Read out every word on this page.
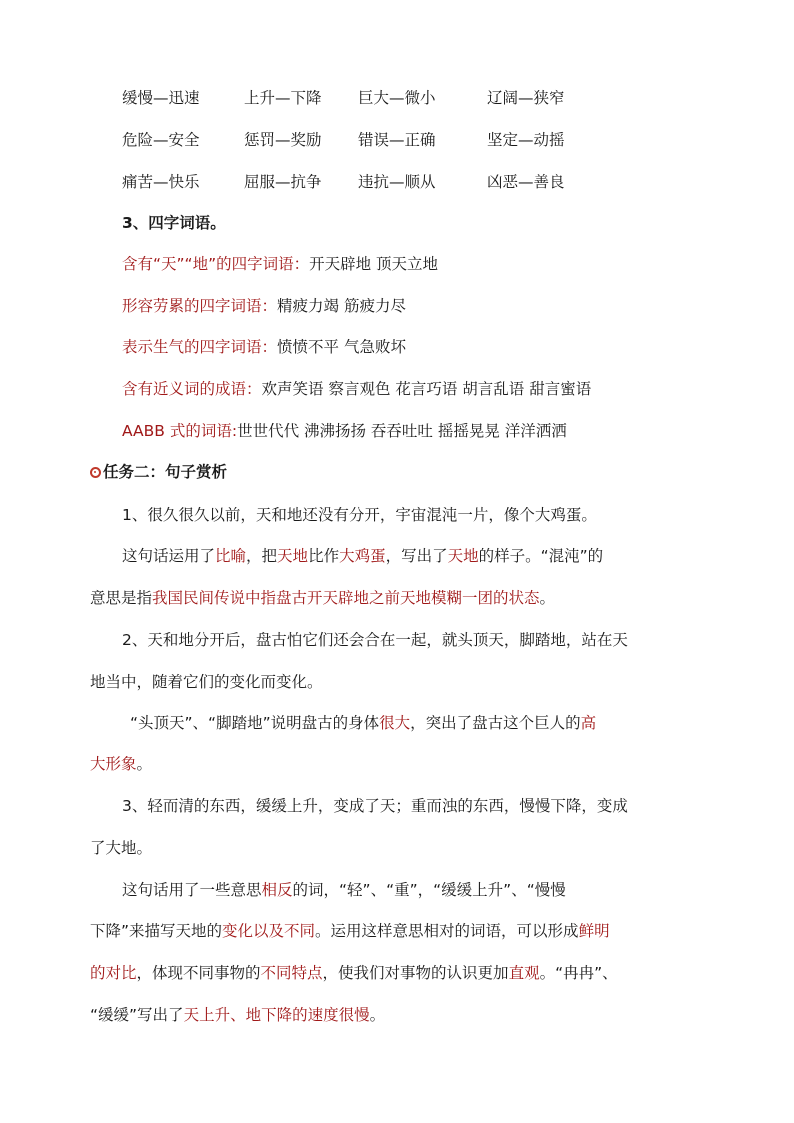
缓慢—迅速	上升—下降 巨大—微小	辽阔—狭窄
危险—安全	惩罚—奖励 错误—正确	坚定—动摇
痛苦—快乐	屈服—抗争 违抗—顺从	凶恶—善良
3、四字词语。
含有“天”“地”的四字词语：开天辟地 顶天立地
形容劳累的四字词语：精疲力竭 筋疲力尽
表示生气的四字词语：愤愤不平 气急败坏
含有近义词的成语：欢声笑语 察言观色 花言巧语 胡言乱语 甜言蜜语
AABB 式的词语:世世代代 沸沸扬扬 吞吞吐吐 摇摇晃晃 洋洋洒洒
任务二：句子赏析
1、很久很久以前，天和地还没有分开，宇宙混沌一片，像个大鸡蛋。
这句话运用了比喻，把天地比作大鸡蛋，写出了天地的样子。“混沌”的
意思是指我国民间传说中指盘古开天辟地之前天地模糊一团的状态。
2、天和地分开后，盘古怕它们还会合在一起，就头顶天，脚踏地，站在天
地当中，随着它们的变化而变化。
“头顶天”、“脚踏地”说明盘古的身体很大，突出了盘古这个巨人的高
大形象。
3、轻而清的东西，缓缓上升，变成了天；重而浊的东西，慢慢下降，变成
了大地。
这句话用了一些意思相反的词，“轻”、“重”，“缓缓上升”、“慢慢
下降”来描写天地的变化以及不同。运用这样意思相对的词语，可以形成鲜明
的对比，体现不同事物的不同特点，使我们对事物的认识更加直观。“冉冉”、
“缓缓”写出了天上升、地下降的速度很慢。
